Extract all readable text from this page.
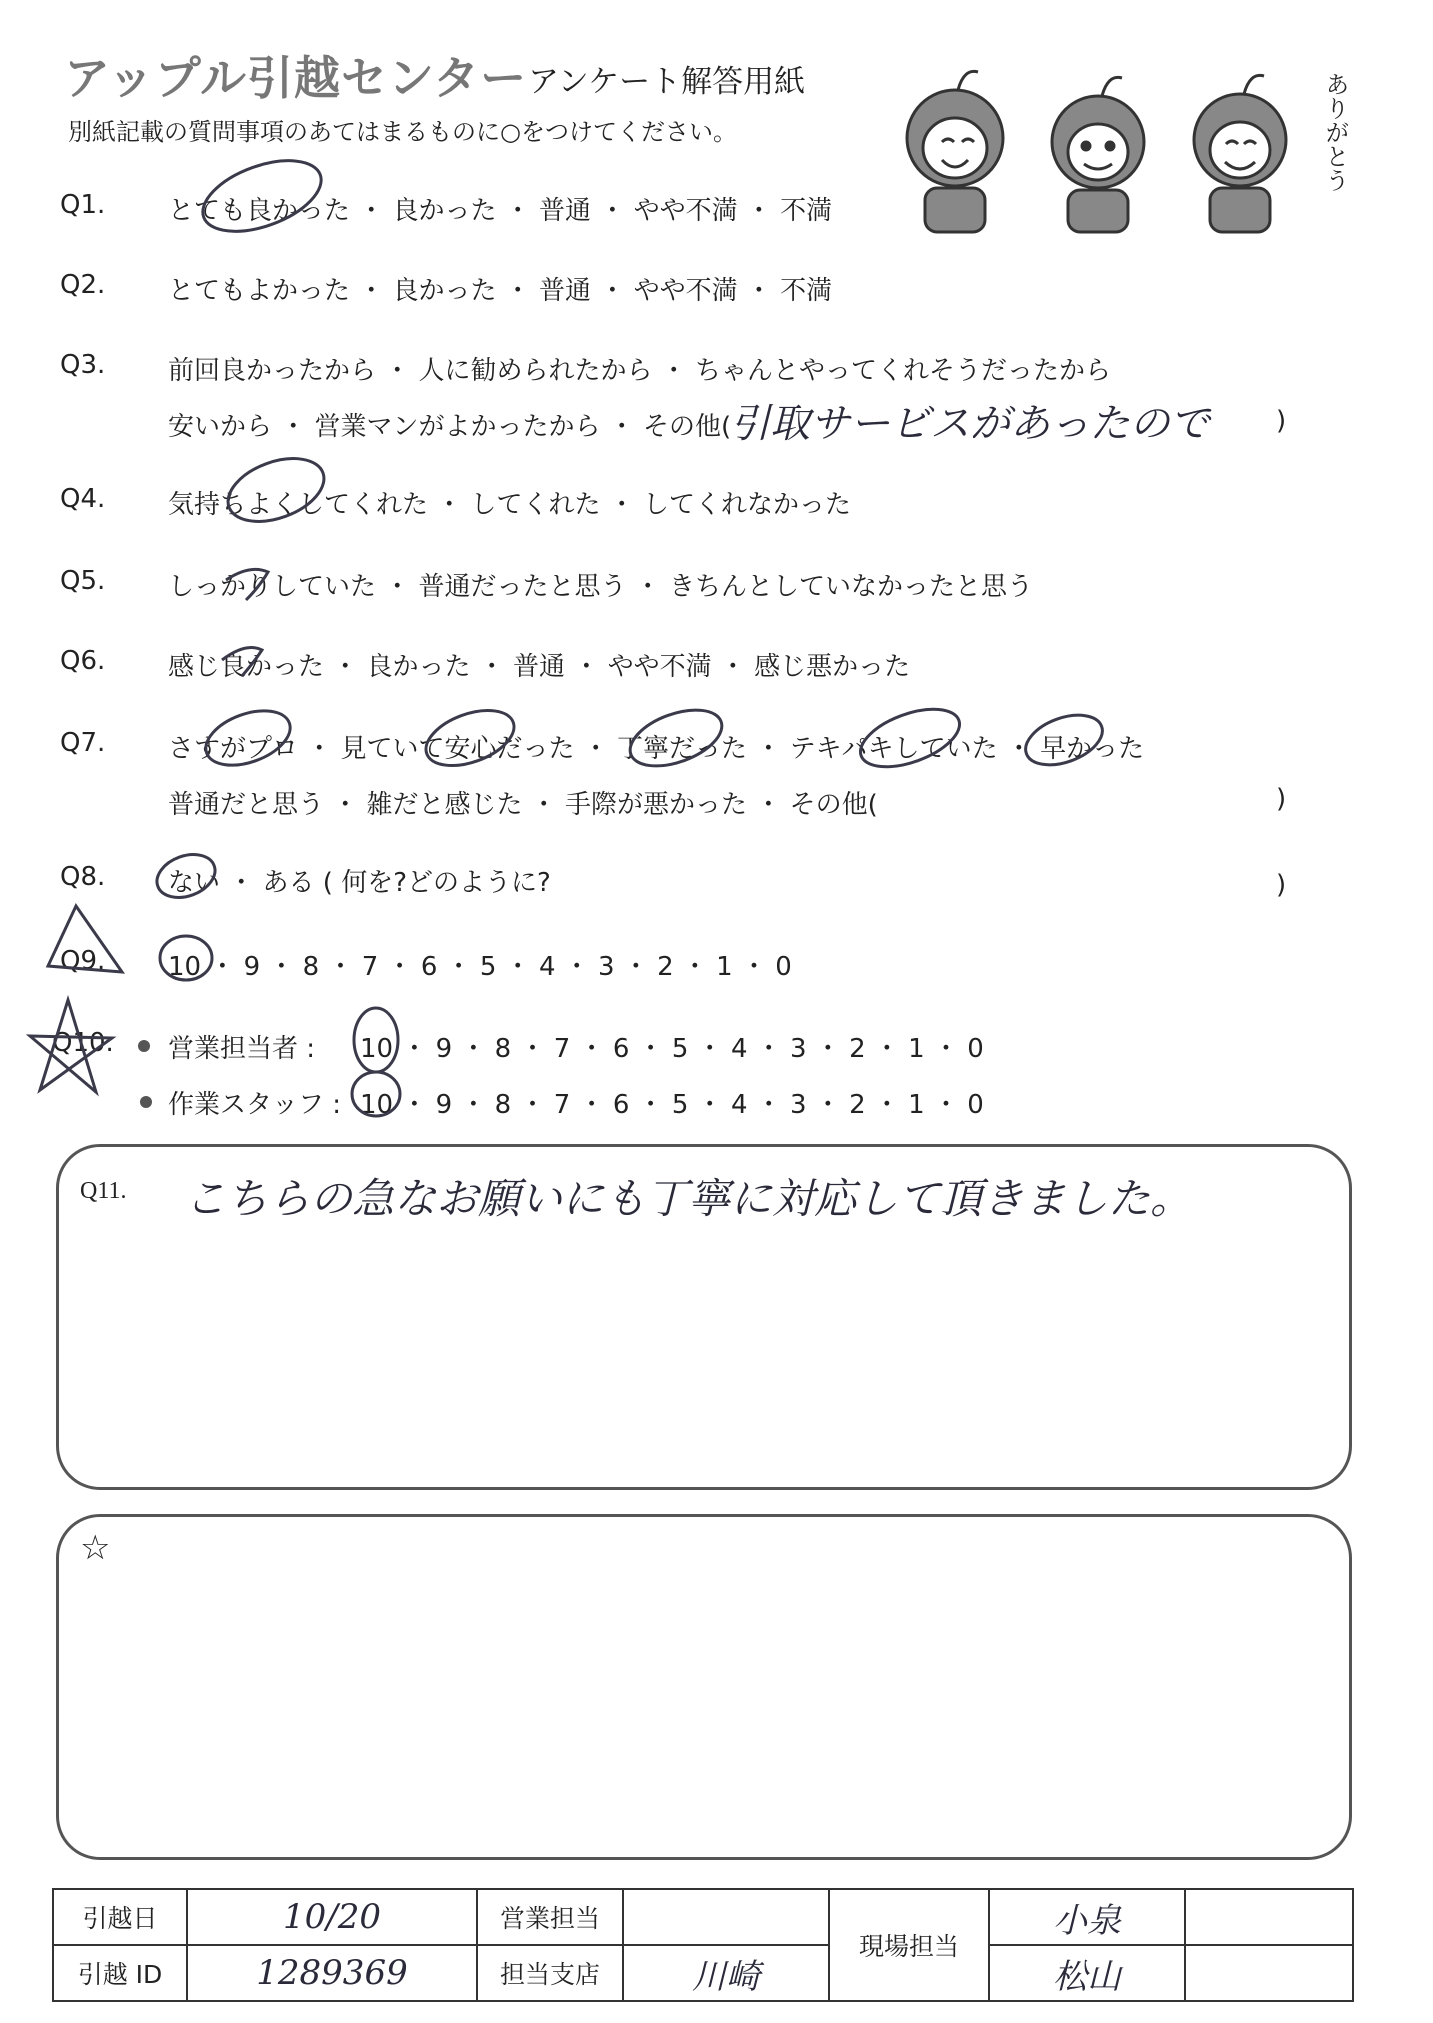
アップル引越センター アンケート解答用紙
別紙記載の質問事項のあてはまるものに○をつけてください。	ありがとう
Q1. とても良かった ・ 良かった ・ 普通 ・ やや不満 ・ 不満
Q2. とてもよかった ・ 良かった ・ 普通 ・ やや不満 ・ 不満
Q3. 前回良かったから ・ 人に勧められたから ・ ちゃんとやってくれそうだったから
安いから ・ 営業マンがよかったから ・ その他(
引取サービスがあったので	)
Q4. 気持ちよくしてくれた ・ してくれた ・ してくれなかった
Q5. しっかりしていた ・ 普通だったと思う ・ きちんとしていなかったと思う
Q6. 感じ良かった ・ 良かった ・ 普通 ・ やや不満 ・ 感じ悪かった
Q7. さすがプロ ・ 見ていて安心だった ・ 丁寧だった ・ テキパキしていた ・ 早かった
普通だと思う ・ 雑だと感じた ・ 手際が悪かった ・ その他(	)
Q8. ない ・ ある ( 何を?どのように?	)
Q9. 10 ・ 9 ・ 8 ・ 7 ・ 6 ・ 5 ・ 4 ・ 3 ・ 2 ・ 1 ・ 0
Q10. 営業担当者 : 10 ・ 9 ・ 8 ・ 7 ・ 6 ・ 5 ・ 4 ・ 3 ・ 2 ・ 1 ・ 0
作業スタッフ : 10 ・ 9 ・ 8 ・ 7 ・ 6 ・ 5 ・ 4 ・ 3 ・ 2 ・ 1 ・ 0
Q11. こちらの急なお願いにも丁寧に対応して頂きました。
☆
引越日	10/20	営業担当		現場担当	小泉	
引越 ID	1289369	担当支店	川崎		松山	
